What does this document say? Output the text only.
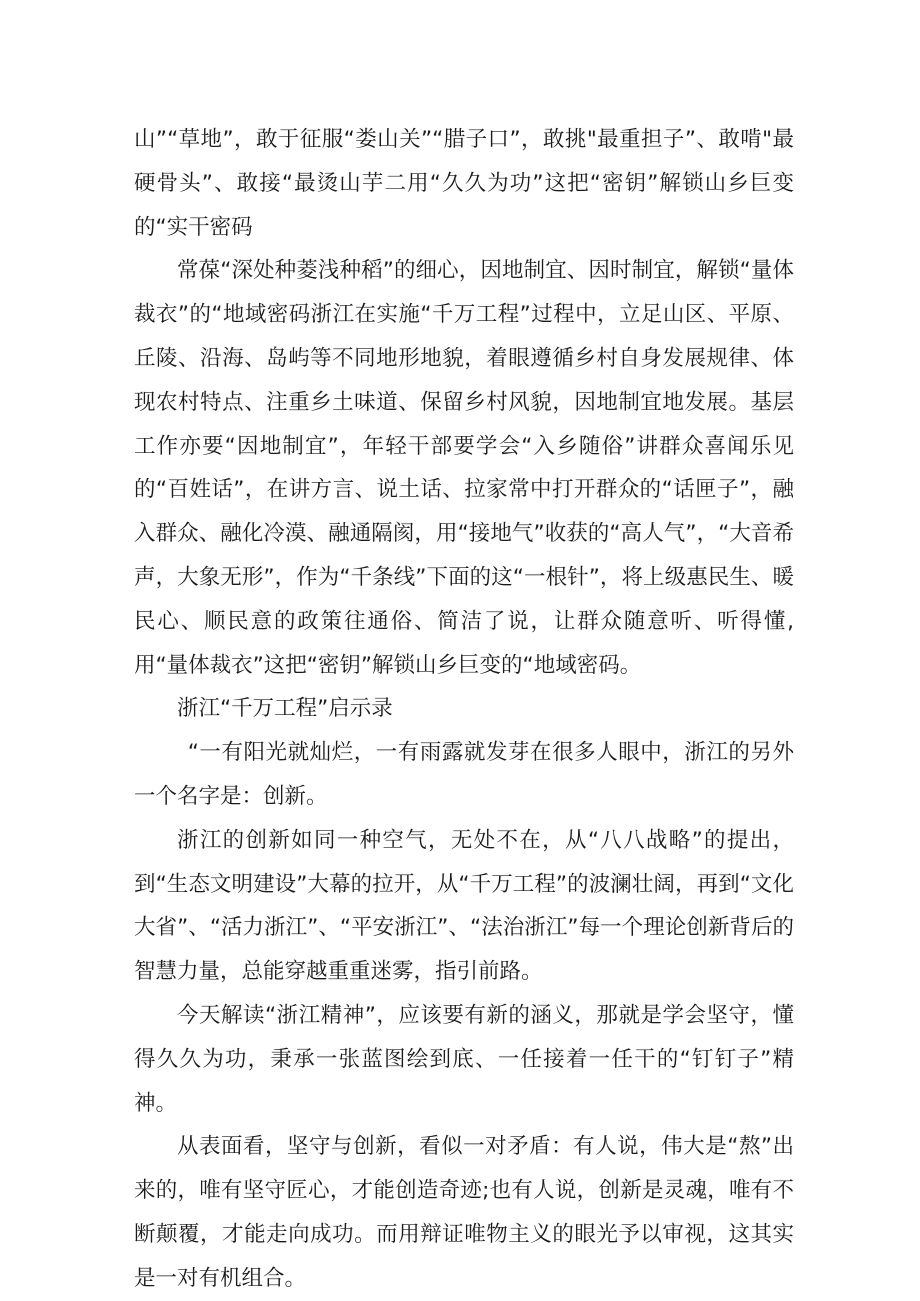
山”“草地”，敢于征服“娄山关”“腊子口”，敢挑"最重担子”、敢啃"最硬骨头”、敢接“最烫山芋二用“久久为功”这把“密钥”解锁山乡巨变的“实干密码

常葆“深处种菱浅种稻”的细心，因地制宜、因时制宜，解锁“量体裁衣”的“地域密码浙江在实施“千万工程”过程中，立足山区、平原、丘陵、沿海、岛屿等不同地形地貌，着眼遵循乡村自身发展规律、体现农村特点、注重乡土味道、保留乡村风貌，因地制宜地发展。基层工作亦要“因地制宜”，年轻干部要学会“入乡随俗”讲群众喜闻乐见的“百姓话”，在讲方言、说土话、拉家常中打开群众的“话匣子”，融入群众、融化冷漠、融通隔阂，用“接地气”收获的“高人气”，“大音希声，大象无形”，作为“千条线”下面的这“一根针”，将上级惠民生、暖民心、顺民意的政策往通俗、简洁了说，让群众随意听、听得懂,用“量体裁衣”这把“密钥”解锁山乡巨变的“地域密码。

浙江“千万工程”启示录

“一有阳光就灿烂，一有雨露就发芽在很多人眼中，浙江的另外一个名字是：创新。

浙江的创新如同一种空气，无处不在，从“八八战略”的提出，到“生态文明建设”大幕的拉开，从“千万工程”的波澜壮阔，再到“文化大省”、“活力浙江”、“平安浙江”、“法治浙江”每一个理论创新背后的智慧力量，总能穿越重重迷雾，指引前路。

今天解读“浙江精神”，应该要有新的涵义，那就是学会坚守，懂得久久为功，秉承一张蓝图绘到底、一任接着一任干的“钉钉子”精神。

从表面看，坚守与创新，看似一对矛盾：有人说，伟大是“熬”出来的，唯有坚守匠心，才能创造奇迹;也有人说，创新是灵魂，唯有不断颠覆，才能走向成功。而用辩证唯物主义的眼光予以审视，这其实是一对有机组合。
